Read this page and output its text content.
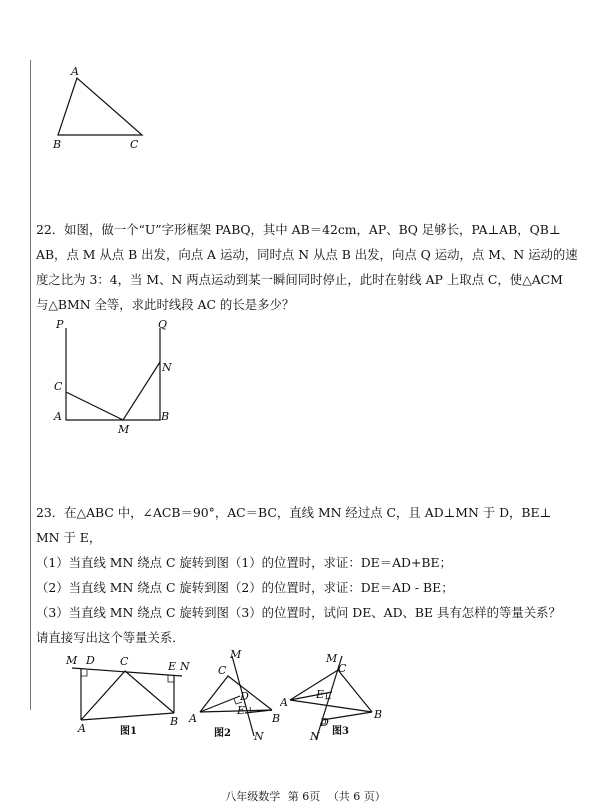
A
B	C

22．如图，做一个“U”字形框架 PABQ，其中 AB＝42cm，AP、BQ 足够长，PA⊥AB，QB⊥

AB，点 M 从点 B 出发，向点 A 运动，同时点 N 从点 B 出发，向点 Q 运动，点 M、N 运动的速

度之比为 3：4，当 M、N 两点运动到某一瞬间同时停止，此时在射线 AP 上取点 C，使△ACM

与△BMN 全等，求此时线段 AC 的长是多少？

P	Q
N
C
A
M
B

23．在△ABC 中，∠ACB＝90°，AC＝BC，直线 MN 经过点 C，且 AD⊥MN 于 D，BE⊥

MN 于 E，

（1）当直线 MN 绕点 C 旋转到图（1）的位置时，求证：DE＝AD+BE；

（2）当直线 MN 绕点 C 旋转到图（2）的位置时，求证：DE＝AD - BE；

（3）当直线 MN 绕点 C 旋转到图（3）的位置时，试问 DE、AD、BE 具有怎样的等量关系？

请直接写出这个等量关系．

M D C	E N
A
B
图1
M
C
D
E
A	B
N
图2
M
C
E
D
A
B
N 图3
八年级数学 第 6页 （共 6 页）
